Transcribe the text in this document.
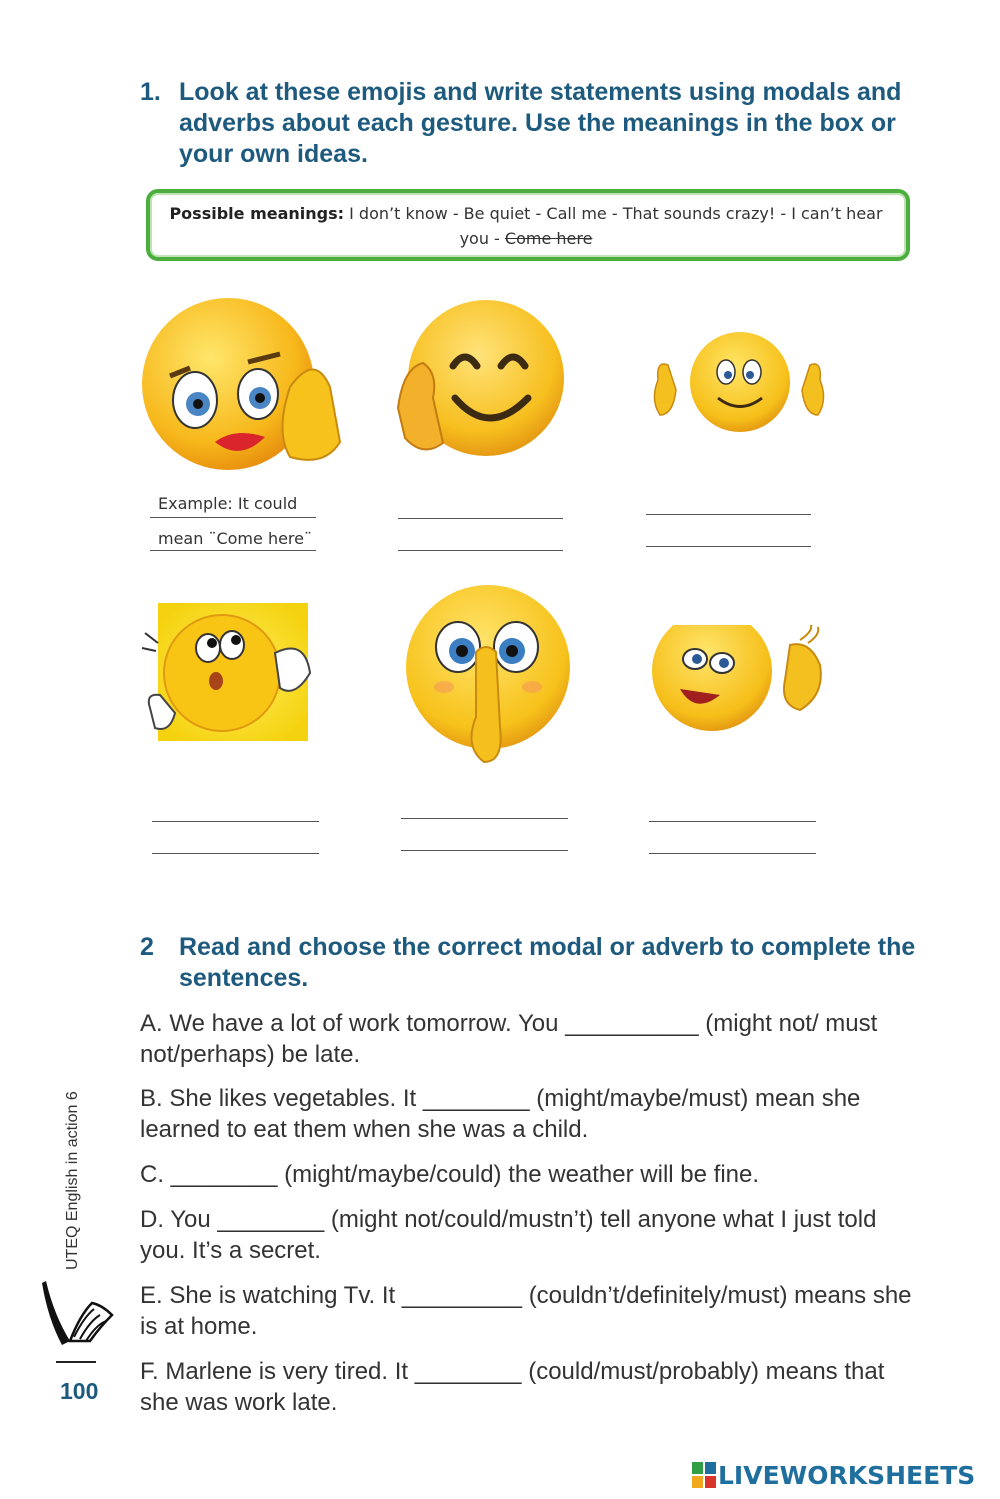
1. Look at these emojis and write statements using modals and adverbs about each gesture. Use the meanings in the box or your own ideas.
Possible meanings: I don’t know - Be quiet - Call me - That sounds crazy! - I can’t hear you - Come here
Example: It could
mean ¨Come here¨
2 Read and choose the correct modal or adverb to complete the sentences.
A. We have a lot of work tomorrow. You __________ (might not/ must not/perhaps) be late.
B. She likes vegetables. It ________ (might/maybe/must) mean she learned to eat them when she was a child.
C. ________ (might/maybe/could) the weather will be fine.
D. You ________ (might not/could/mustn’t) tell anyone what I just told you. It’s a secret.
E. She is watching Tv. It _________ (couldn’t/definitely/must) means she is at home.
F. Marlene is very tired. It ________ (could/must/probably) means that she was work late.
UTEQ English in action 6
100
LIVEWORKSHEETS
